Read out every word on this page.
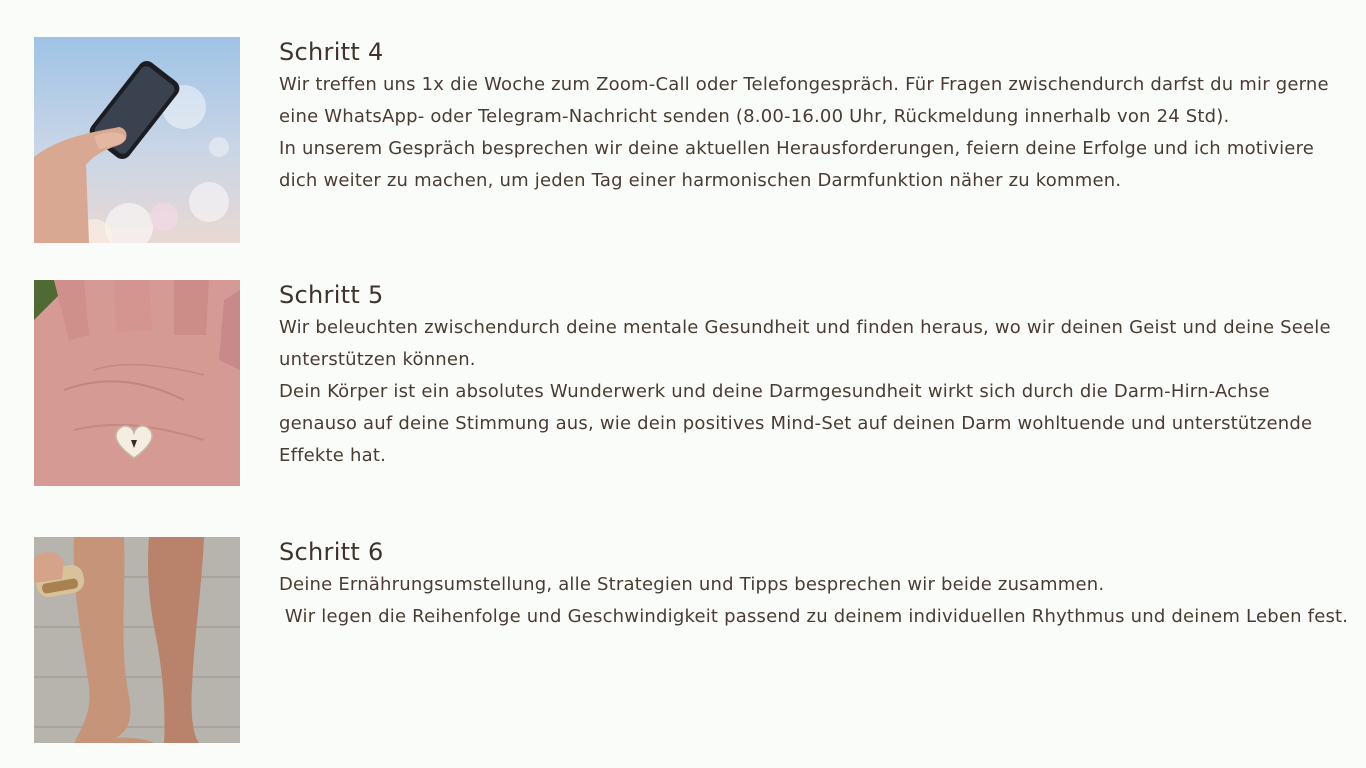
Schritt 4

Wir treffen uns 1x die Woche zum Zoom-Call oder Telefongespräch. Für Fragen zwischendurch darfst du mir gerne eine WhatsApp- oder Telegram-Nachricht senden (8.00-16.00 Uhr, Rückmeldung innerhalb von 24 Std).

In unserem Gespräch besprechen wir deine aktuellen Herausforderungen, feiern deine Erfolge und ich motiviere dich weiter zu machen, um jeden Tag einer harmonischen Darmfunktion näher zu kommen.

Schritt 5

Wir beleuchten zwischendurch deine mentale Gesundheit und finden heraus, wo wir deinen Geist und deine Seele unterstützen können.

Dein Körper ist ein absolutes Wunderwerk und deine Darmgesundheit wirkt sich durch die Darm-Hirn-Achse genauso auf deine Stimmung aus, wie dein positives Mind-Set auf deinen Darm wohltuende und unterstützende Effekte hat.

Schritt 6

Deine Ernährungsumstellung, alle Strategien und Tipps besprechen wir beide zusammen.

Wir legen die Reihenfolge und Geschwindigkeit passend zu deinem individuellen Rhythmus und deinem Leben fest.
